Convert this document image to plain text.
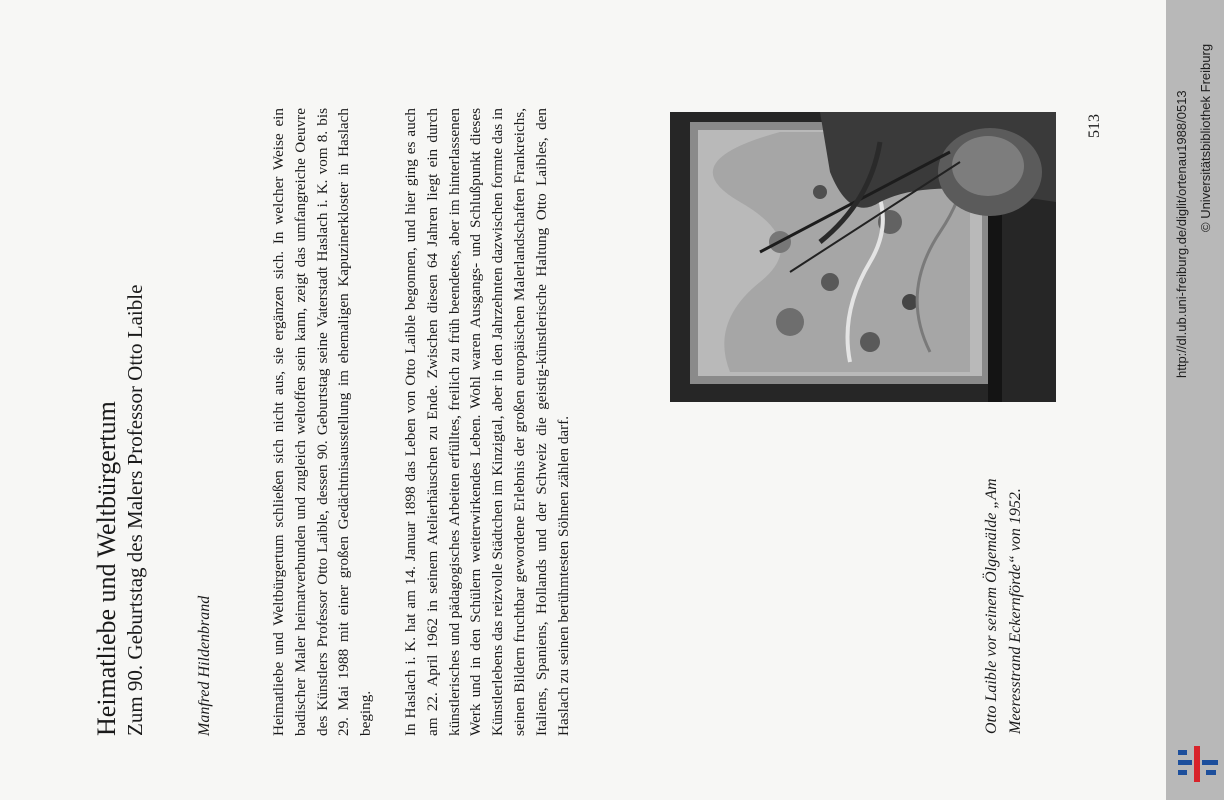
Heimatliebe und Weltbürgertum Zum 90. Geburtstag des Malers Professor Otto Laible	Manfred Hildenbrand	Heimatliebe und Weltbürgertum schließen sich nicht aus, sie ergänzen sich. In welcher Weise ein badischer Maler heimatverbunden und zugleich weltoffen sein kann, zeigt das umfangreiche Oeuvre des Künstlers Professor Otto Laible, dessen 90. Geburtstag seine Vaterstadt Haslach i. K. vom 8. bis 29. Mai 1988 mit einer großen Gedächtnisausstellung im ehemaligen Kapuzinerkloster in Haslach beging. In Haslach i. K. hat am 14. Januar 1898 das Leben von Otto Laible begonnen, und hier ging es auch am 22. April 1962 in seinem Atelierhäuschen zu Ende. Zwischen diesen 64 Jahren liegt ein durch künstlerisches und pädagogisches Arbeiten erfülltes, freilich zu früh beendetes, aber im hinterlassenen Werk und in den Schülern weiterwirkendes Leben. Wohl waren Ausgangs- und Schlußpunkt dieses Künstlerlebens das reizvolle Städtchen im Kinzigtal, aber in den Jahrzehnten dazwischen formte das in seinen Bildern fruchtbar gewordene Erlebnis der großen europäischen Malerlandschaften Frankreichs, Italiens, Spaniens, Hollands und der Schweiz die geistig-künstlerische Haltung Otto Laibles, den Haslach zu seinen berühmtesten Söhnen zählen darf.	Otto Laible vor seinem Ölgemälde „Am Meeresstrand Eckernförde“ von 1952.
513	http://dl.ub.uni-freiburg.de/diglit/ortenau1988/0513 © Universitätsbibliothek Freiburg
